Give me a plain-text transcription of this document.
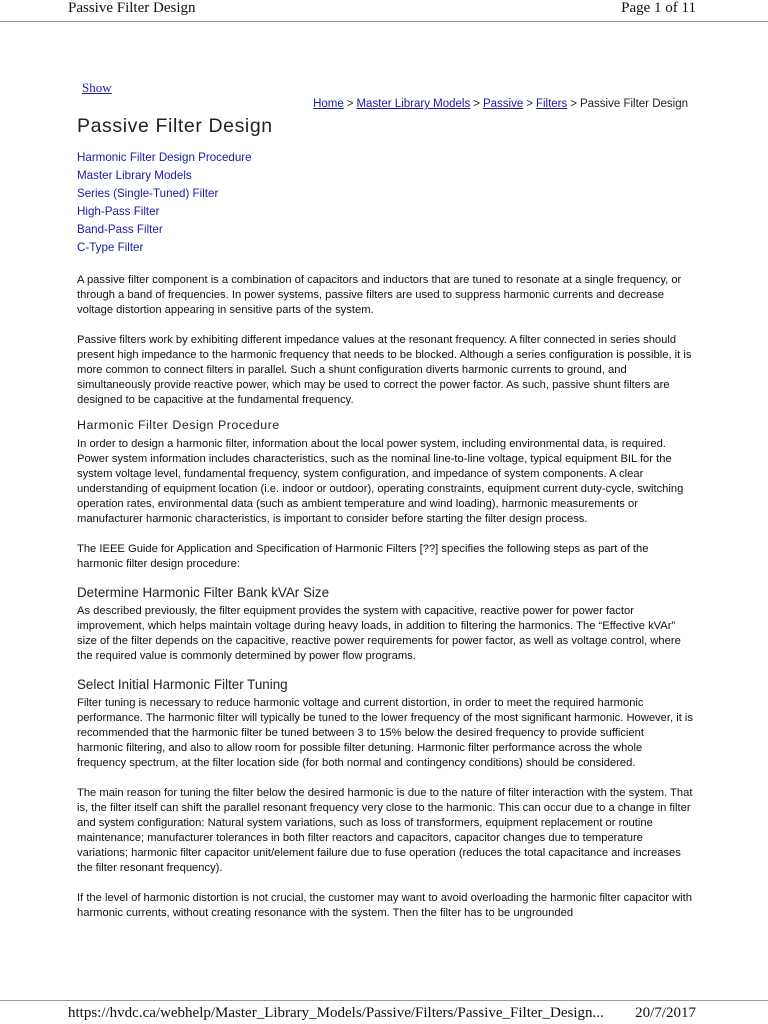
Passive Filter Design	Page 1 of 11
Show
Home > Master Library Models > Passive > Filters > Passive Filter Design
Passive Filter Design
Harmonic Filter Design Procedure
Master Library Models
Series (Single-Tuned) Filter
High-Pass Filter
Band-Pass Filter
C-Type Filter

A passive filter component is a combination of capacitors and inductors that are tuned to resonate at a single frequency, or through a band of frequencies. In power systems, passive filters are used to suppress harmonic currents and decrease voltage distortion appearing in sensitive parts of the system.

Passive filters work by exhibiting different impedance values at the resonant frequency. A filter connected in series should present high impedance to the harmonic frequency that needs to be blocked. Although a series configuration is possible, it is more common to connect filters in parallel. Such a shunt configuration diverts harmonic currents to ground, and simultaneously provide reactive power, which may be used to correct the power factor. As such, passive shunt filters are designed to be capacitive at the fundamental frequency.

Harmonic Filter Design Procedure

In order to design a harmonic filter, information about the local power system, including environmental data, is required. Power system information includes characteristics, such as the nominal line-to-line voltage, typical equipment BIL for the system voltage level, fundamental frequency, system configuration, and impedance of system components. A clear understanding of equipment location (i.e. indoor or outdoor), operating constraints, equipment current duty-cycle, switching operation rates, environmental data (such as ambient temperature and wind loading), harmonic measurements or manufacturer harmonic characteristics, is important to consider before starting the filter design process.

The IEEE Guide for Application and Specification of Harmonic Filters [??] specifies the following steps as part of the harmonic filter design procedure:

Determine Harmonic Filter Bank kVAr Size

As described previously, the filter equipment provides the system with capacitive, reactive power for power factor improvement, which helps maintain voltage during heavy loads, in addition to filtering the harmonics. The “Effective kVAr” size of the filter depends on the capacitive, reactive power requirements for power factor, as well as voltage control, where the required value is commonly determined by power flow programs.

Select Initial Harmonic Filter Tuning

Filter tuning is necessary to reduce harmonic voltage and current distortion, in order to meet the required harmonic performance. The harmonic filter will typically be tuned to the lower frequency of the most significant harmonic. However, it is recommended that the harmonic filter be tuned between 3 to 15% below the desired frequency to provide sufficient harmonic filtering, and also to allow room for possible filter detuning. Harmonic filter performance across the whole frequency spectrum, at the filter location side (for both normal and contingency conditions) should be considered.

The main reason for tuning the filter below the desired harmonic is due to the nature of filter interaction with the system. That is, the filter itself can shift the parallel resonant frequency very close to the harmonic. This can occur due to a change in filter and system configuration: Natural system variations, such as loss of transformers, equipment replacement or routine maintenance; manufacturer tolerances in both filter reactors and capacitors, capacitor changes due to temperature variations; harmonic filter capacitor unit/element failure due to fuse operation (reduces the total capacitance and increases the filter resonant frequency).

If the level of harmonic distortion is not crucial, the customer may want to avoid overloading the harmonic filter capacitor with harmonic currents, without creating resonance with the system. Then the filter has to be ungrounded

https://hvdc.ca/webhelp/Master_Library_Models/Passive/Filters/Passive_Filter_Design... 20/7/2017
